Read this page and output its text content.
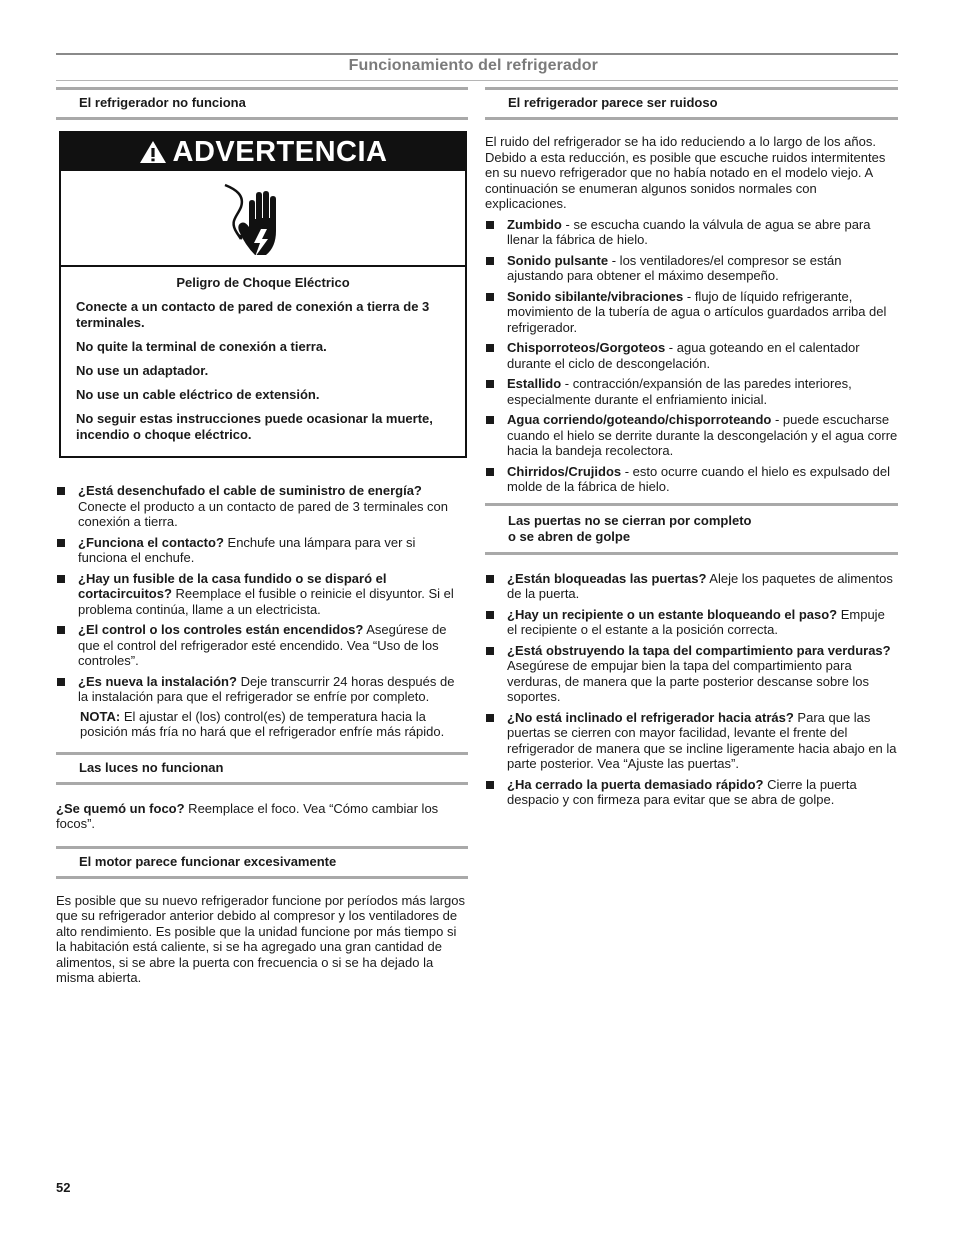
Funcionamiento del refrigerador
El refrigerador no funciona
ADVERTENCIA

Peligro de Choque Eléctrico

Conecte a un contacto de pared de conexión a tierra de 3 terminales.

No quite la terminal de conexión a tierra.

No use un adaptador.

No use un cable eléctrico de extensión.

No seguir estas instrucciones puede ocasionar la muerte, incendio o choque eléctrico.

¿Está desenchufado el cable de suministro de energía? Conecte el producto a un contacto de pared de 3 terminales con conexión a tierra.
¿Funciona el contacto? Enchufe una lámpara para ver si funciona el enchufe.
¿Hay un fusible de la casa fundido o se disparó el cortacircuitos? Reemplace el fusible o reinicie el disyuntor. Si el problema continúa, llame a un electricista.
¿El control o los controles están encendidos? Asegúrese de que el control del refrigerador esté encendido. Vea “Uso de los controles”.
¿Es nueva la instalación? Deje transcurrir 24 horas después de la instalación para que el refrigerador se enfríe por completo.

NOTA: El ajustar el (los) control(es) de temperatura hacia la posición más fría no hará que el refrigerador enfríe más rápido.

Las luces no funcionan

¿Se quemó un foco? Reemplace el foco. Vea “Cómo cambiar los focos”.

El motor parece funcionar excesivamente

Es posible que su nuevo refrigerador funcione por períodos más largos que su refrigerador anterior debido al compresor y los ventiladores de alto rendimiento. Es posible que la unidad funcione por más tiempo si la habitación está caliente, si se ha agregado una gran cantidad de alimentos, si se abre la puerta con frecuencia o si se ha dejado la misma abierta.

El refrigerador parece ser ruidoso

El ruido del refrigerador se ha ido reduciendo a lo largo de los años. Debido a esta reducción, es posible que escuche ruidos intermitentes en su nuevo refrigerador que no había notado en el modelo viejo. A continuación se enumeran algunos sonidos normales con explicaciones.

Zumbido - se escucha cuando la válvula de agua se abre para llenar la fábrica de hielo.
Sonido pulsante - los ventiladores/el compresor se están ajustando para obtener el máximo desempeño.
Sonido sibilante/vibraciones - flujo de líquido refrigerante, movimiento de la tubería de agua o artículos guardados arriba del refrigerador.
Chisporroteos/Gorgoteos - agua goteando en el calentador durante el ciclo de descongelación.
Estallido - contracción/expansión de las paredes interiores, especialmente durante el enfriamiento inicial.
Agua corriendo/goteando/chisporroteando - puede escucharse cuando el hielo se derrite durante la descongelación y el agua corre hacia la bandeja recolectora.
Chirridos/Crujidos - esto ocurre cuando el hielo es expulsado del molde de la fábrica de hielo.
Las puertas no se cierran por completo
o se abren de golpe
¿Están bloqueadas las puertas? Aleje los paquetes de alimentos de la puerta.
¿Hay un recipiente o un estante bloqueando el paso? Empuje el recipiente o el estante a la posición correcta.
¿Está obstruyendo la tapa del compartimiento para verduras? Asegúrese de empujar bien la tapa del compartimiento para verduras, de manera que la parte posterior descanse sobre los soportes.
¿No está inclinado el refrigerador hacia atrás? Para que las puertas se cierren con mayor facilidad, levante el frente del refrigerador de manera que se incline ligeramente hacia abajo en la parte posterior. Vea “Ajuste las puertas”.
¿Ha cerrado la puerta demasiado rápido? Cierre la puerta despacio y con firmeza para evitar que se abra de golpe.
52
